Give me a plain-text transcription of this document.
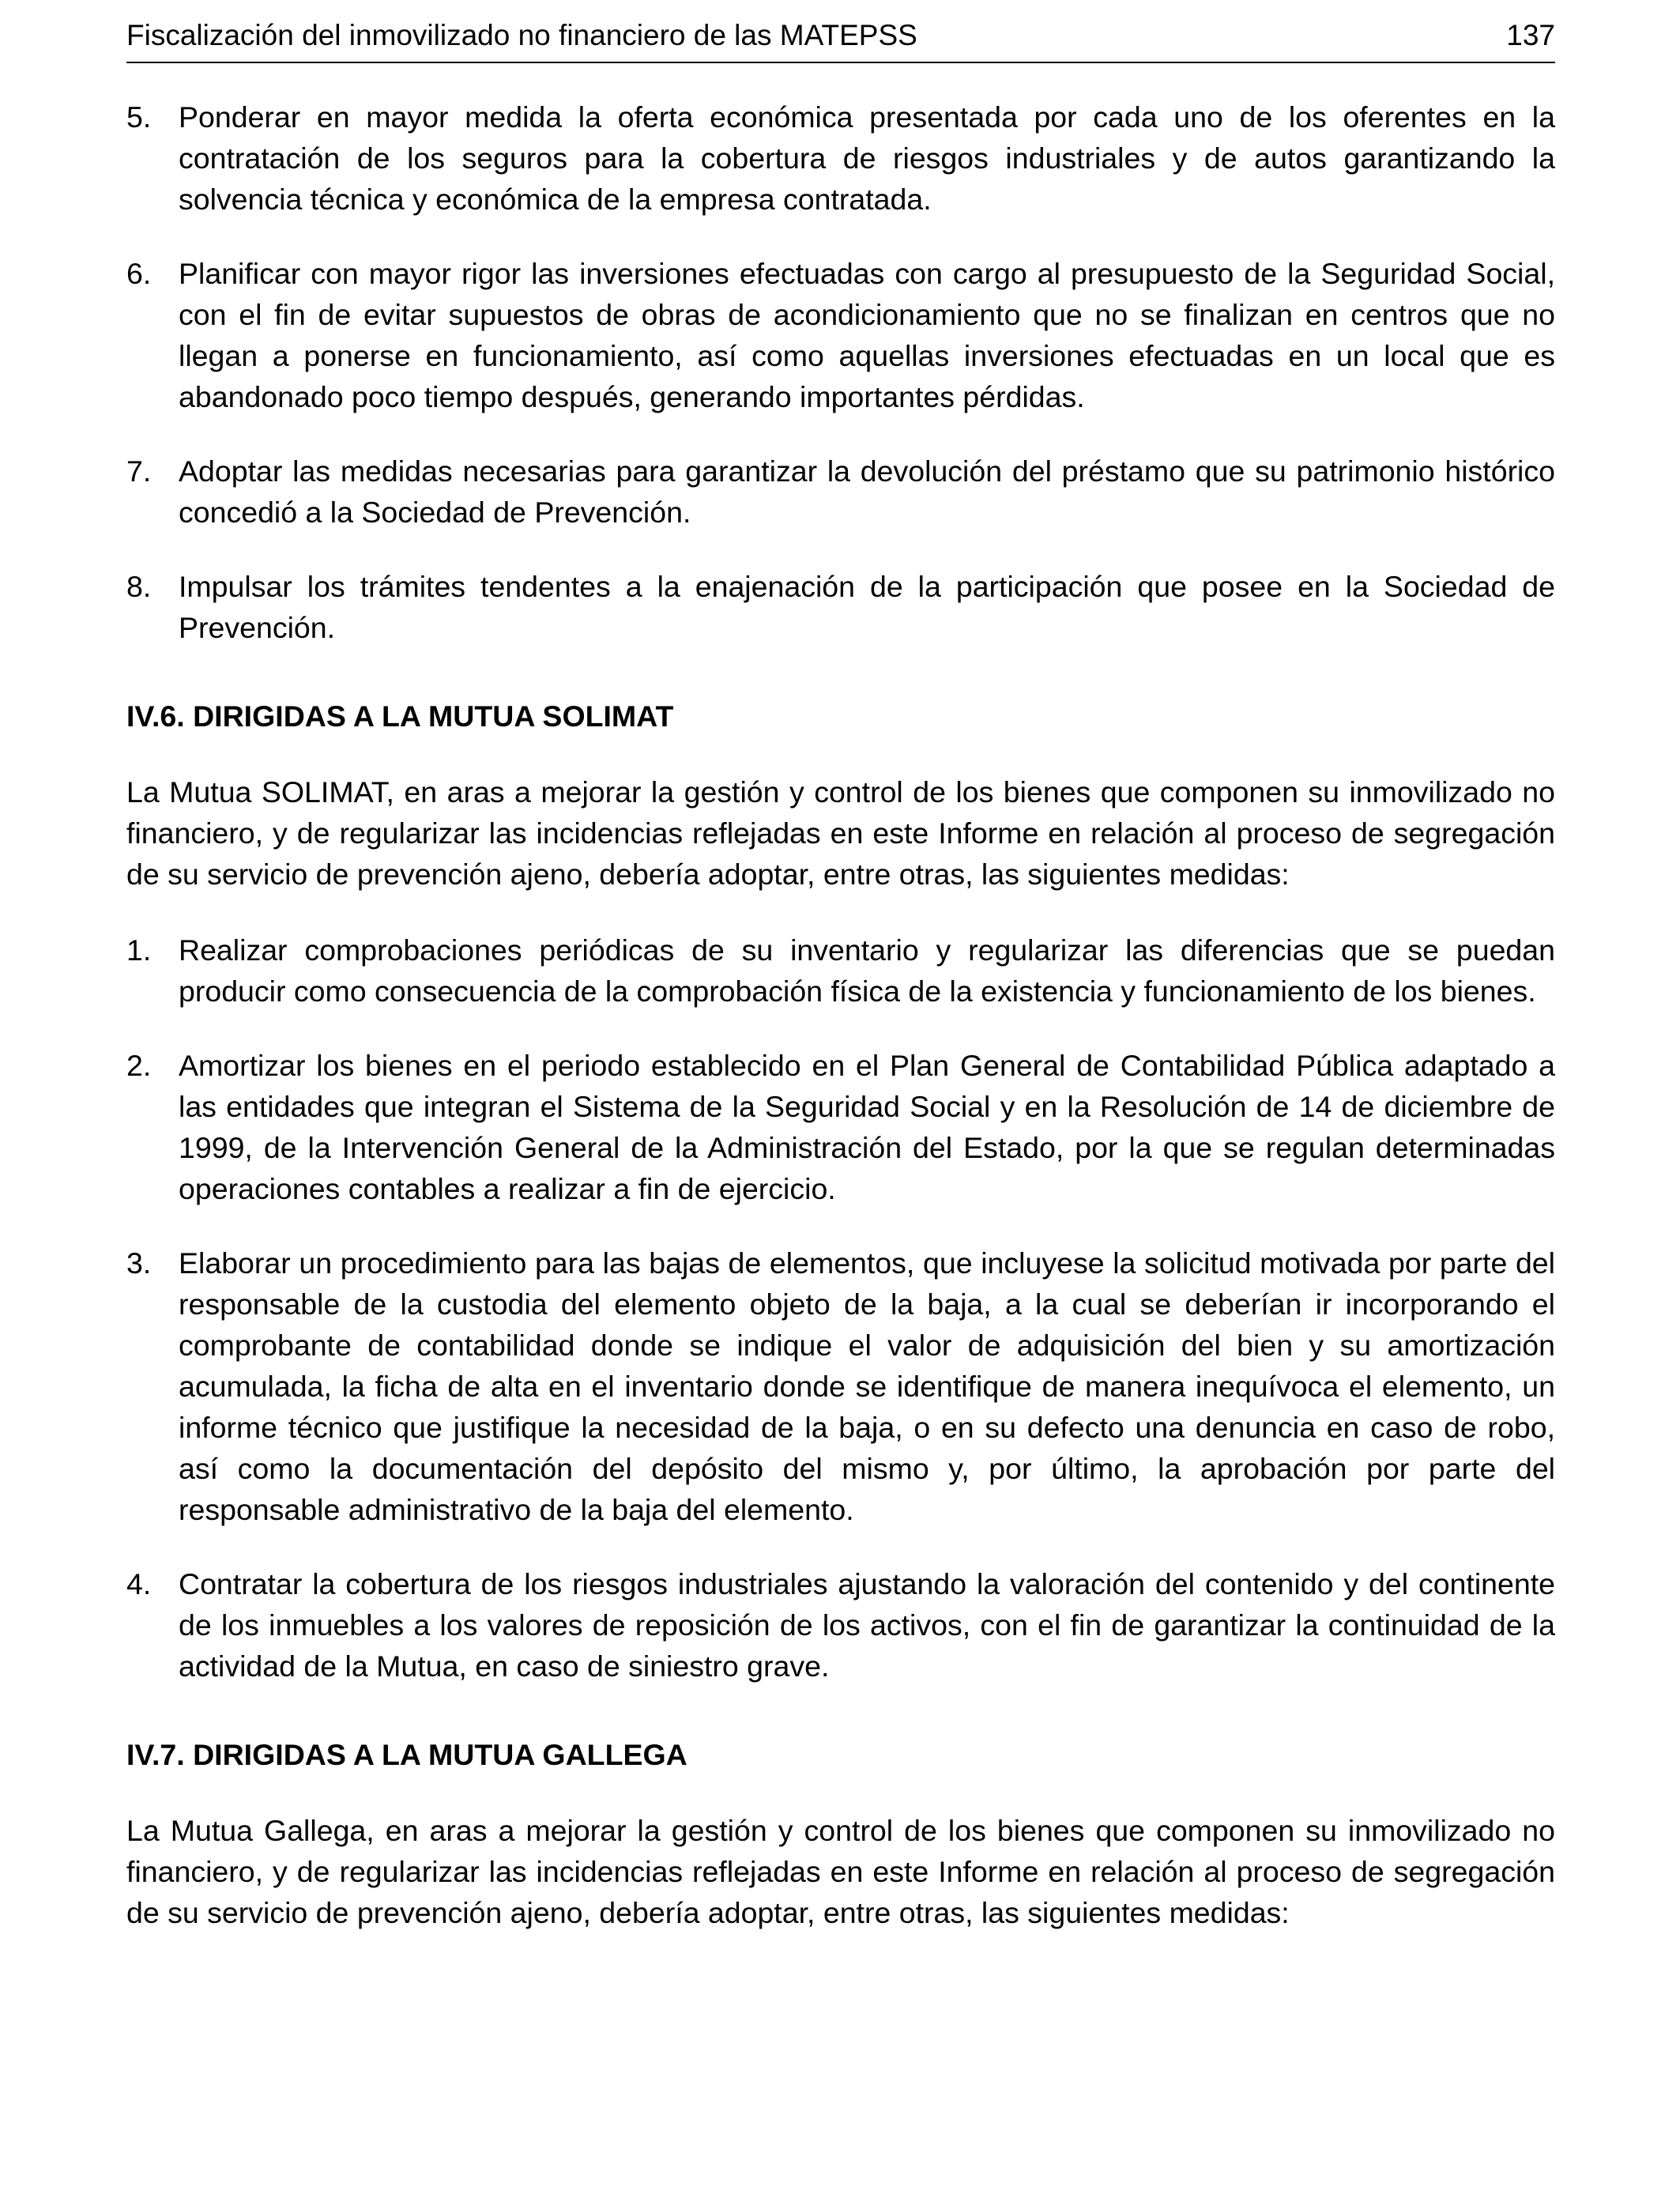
Fiscalización del inmovilizado no financiero de las MATEPSS	137
5. Ponderar en mayor medida la oferta económica presentada por cada uno de los oferentes en la contratación de los seguros para la cobertura de riesgos industriales y de autos garantizando la solvencia técnica y económica de la empresa contratada.
6. Planificar con mayor rigor las inversiones efectuadas con cargo al presupuesto de la Seguridad Social, con el fin de evitar supuestos de obras de acondicionamiento que no se finalizan en centros que no llegan a ponerse en funcionamiento, así como aquellas inversiones efectuadas en un local que es abandonado poco tiempo después, generando importantes pérdidas.
7. Adoptar las medidas necesarias para garantizar la devolución del préstamo que su patrimonio histórico concedió a la Sociedad de Prevención.
8. Impulsar los trámites tendentes a la enajenación de la participación que posee en la Sociedad de Prevención.
IV.6. DIRIGIDAS A LA MUTUA SOLIMAT
La Mutua SOLIMAT, en aras a mejorar la gestión y control de los bienes que componen su inmovilizado no financiero, y de regularizar las incidencias reflejadas en este Informe en relación al proceso de segregación de su servicio de prevención ajeno, debería adoptar, entre otras, las siguientes medidas:
1. Realizar comprobaciones periódicas de su inventario y regularizar las diferencias que se puedan producir como consecuencia de la comprobación física de la existencia y funcionamiento de los bienes.
2. Amortizar los bienes en el periodo establecido en el Plan General de Contabilidad Pública adaptado a las entidades que integran el Sistema de la Seguridad Social y en la Resolución de 14 de diciembre de 1999, de la Intervención General de la Administración del Estado, por la que se regulan determinadas operaciones contables a realizar a fin de ejercicio.
3. Elaborar un procedimiento para las bajas de elementos, que incluyese la solicitud motivada por parte del responsable de la custodia del elemento objeto de la baja, a la cual se deberían ir incorporando el comprobante de contabilidad donde se indique el valor de adquisición del bien y su amortización acumulada, la ficha de alta en el inventario donde se identifique de manera inequívoca el elemento, un informe técnico que justifique la necesidad de la baja, o en su defecto una denuncia en caso de robo, así como la documentación del depósito del mismo y, por último, la aprobación por parte del responsable administrativo de la baja del elemento.
4. Contratar la cobertura de los riesgos industriales ajustando la valoración del contenido y del continente de los inmuebles a los valores de reposición de los activos, con el fin de garantizar la continuidad de la actividad de la Mutua, en caso de siniestro grave.
IV.7. DIRIGIDAS A LA MUTUA GALLEGA
La Mutua Gallega, en aras a mejorar la gestión y control de los bienes que componen su inmovilizado no financiero, y de regularizar las incidencias reflejadas en este Informe en relación al proceso de segregación de su servicio de prevención ajeno, debería adoptar, entre otras, las siguientes medidas:
